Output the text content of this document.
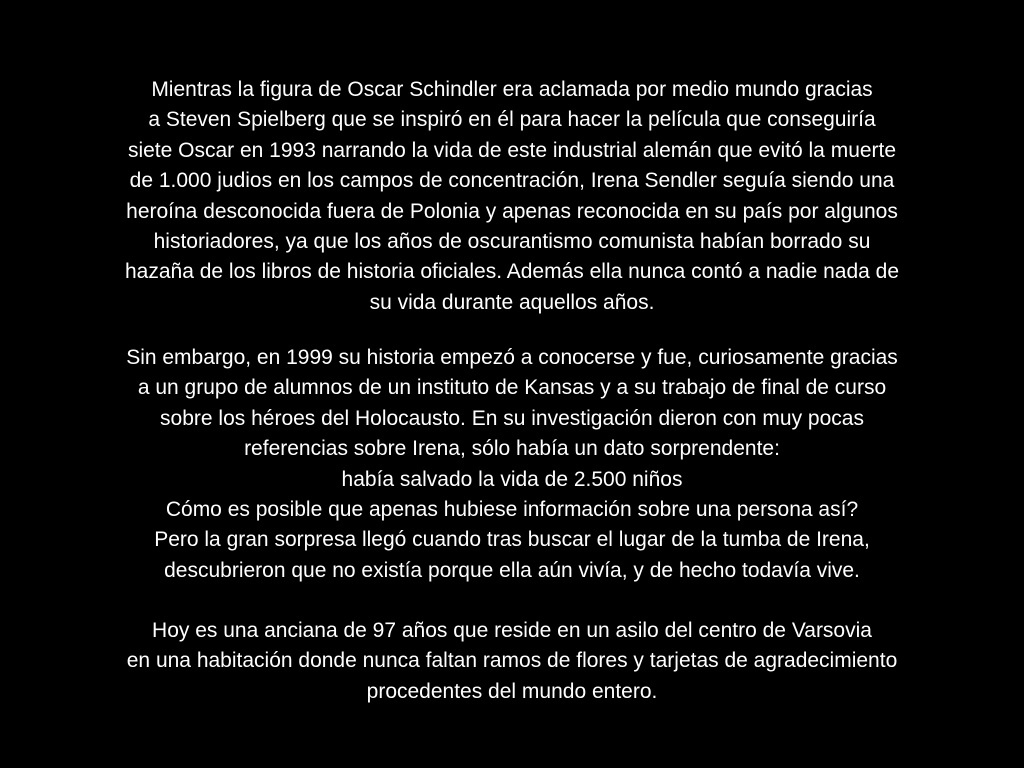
Mientras la figura de Oscar Schindler era aclamada por medio mundo gracias
a Steven Spielberg que se inspiró en él para hacer la película que conseguiría
siete Oscar en 1993 narrando la vida de este industrial alemán que evitó la muerte
de 1.000 judios en los campos de concentración, Irena Sendler seguía siendo una
heroína desconocida fuera de Polonia y apenas reconocida en su país por algunos
historiadores, ya que los años de oscurantismo comunista habían borrado su
hazaña de los libros de historia oficiales. Además ella nunca contó a nadie nada de
su vida durante aquellos años.
Sin embargo, en 1999 su historia empezó a conocerse y fue, curiosamente gracias
a un grupo de alumnos de un instituto de Kansas y a su trabajo de final de curso
sobre los héroes del Holocausto. En su investigación dieron con muy pocas
referencias sobre Irena, sólo había un dato sorprendente:
había salvado la vida de 2.500 niños
Cómo es posible que apenas hubiese información sobre una persona así?
Pero la gran sorpresa llegó cuando tras buscar el lugar de la tumba de Irena,
descubrieron que no existía porque ella aún vivía, y de hecho todavía vive.
Hoy es una anciana de 97 años que reside en un asilo del centro de Varsovia
en una habitación donde nunca faltan ramos de flores y tarjetas de agradecimiento
procedentes del mundo entero.
